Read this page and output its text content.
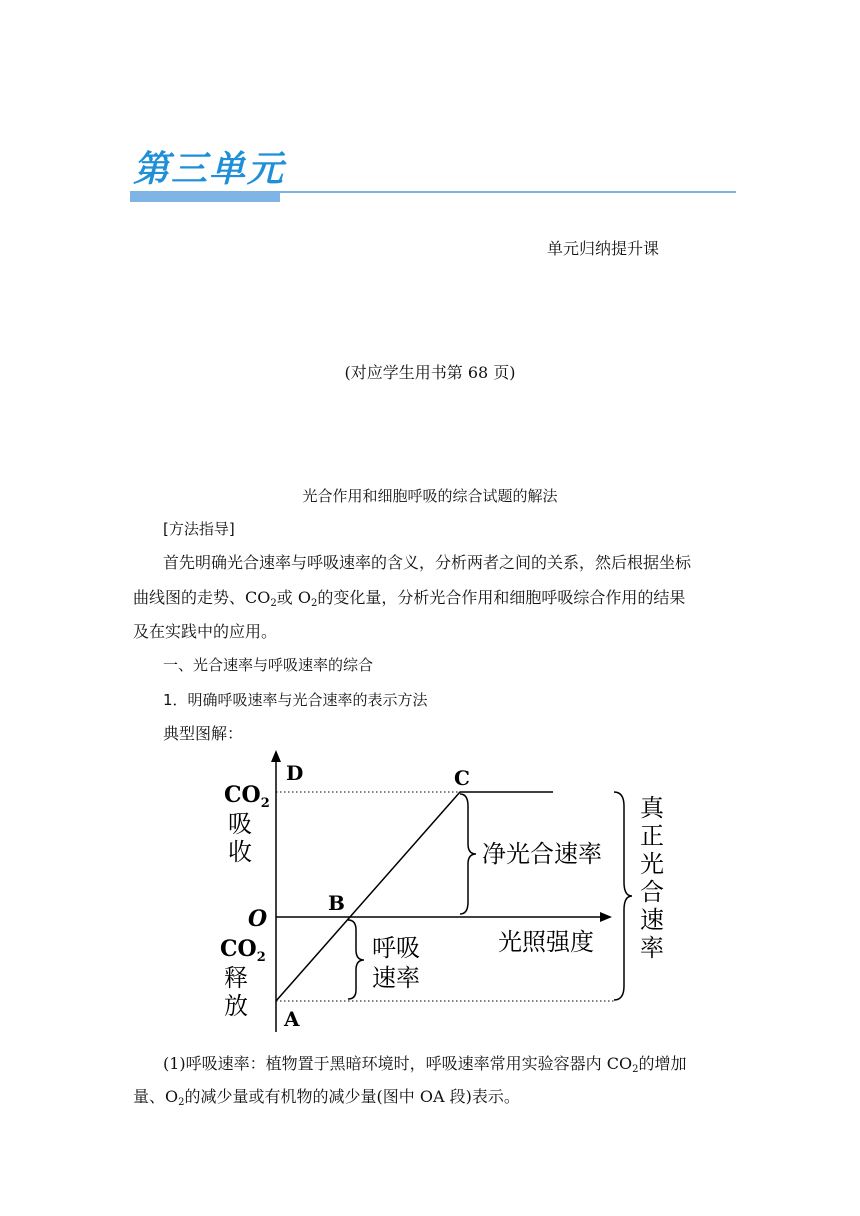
第三单元
单元归纳提升课
(对应学生用书第 68 页)
光合作用和细胞呼吸的综合试题的解法
[方法指导]
首先明确光合速率与呼吸速率的含义，分析两者之间的关系，然后根据坐标
曲线图的走势、$CO_2$或 $O_2$的变化量，分析光合作用和细胞呼吸综合作用的结果
及在实践中的应用。
一、光合速率与呼吸速率的综合
1．明确呼吸速率与光合速率的表示方法
典型图解：
$CO_2$
吸
收
O
$CO_2$
释
放
D	C
B
A
净光合速率
呼吸
速率
光照强度
真
正
光
合
速
率
(1)呼吸速率：植物置于黑暗环境时，呼吸速率常用实验容器内 $CO_2$的增加
量、$O_2$的减少量或有机物的减少量(图中 OA 段)表示。
